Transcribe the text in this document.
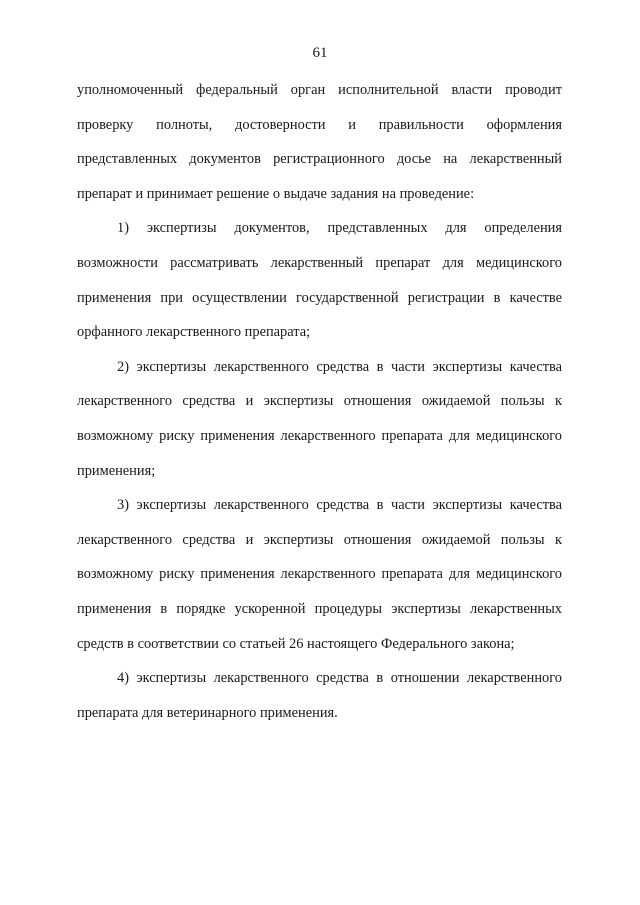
61

уполномоченный федеральный орган исполнительной власти проводит проверку полноты, достоверности и правильности оформления представленных документов регистрационного досье на лекарственный препарат и принимает решение о выдаче задания на проведение:

1) экспертизы документов, представленных для определения возможности рассматривать лекарственный препарат для медицинского применения при осуществлении государственной регистрации в качестве орфанного лекарственного препарата;

2) экспертизы лекарственного средства в части экспертизы качества лекарственного средства и экспертизы отношения ожидаемой пользы к возможному риску применения лекарственного препарата для медицинского применения;

3) экспертизы лекарственного средства в части экспертизы качества лекарственного средства и экспертизы отношения ожидаемой пользы к возможному риску применения лекарственного препарата для медицинского применения в порядке ускоренной процедуры экспертизы лекарственных средств в соответствии со статьей 26 настоящего Федерального закона;

4) экспертизы лекарственного средства в отношении лекарственного препарата для ветеринарного применения.
